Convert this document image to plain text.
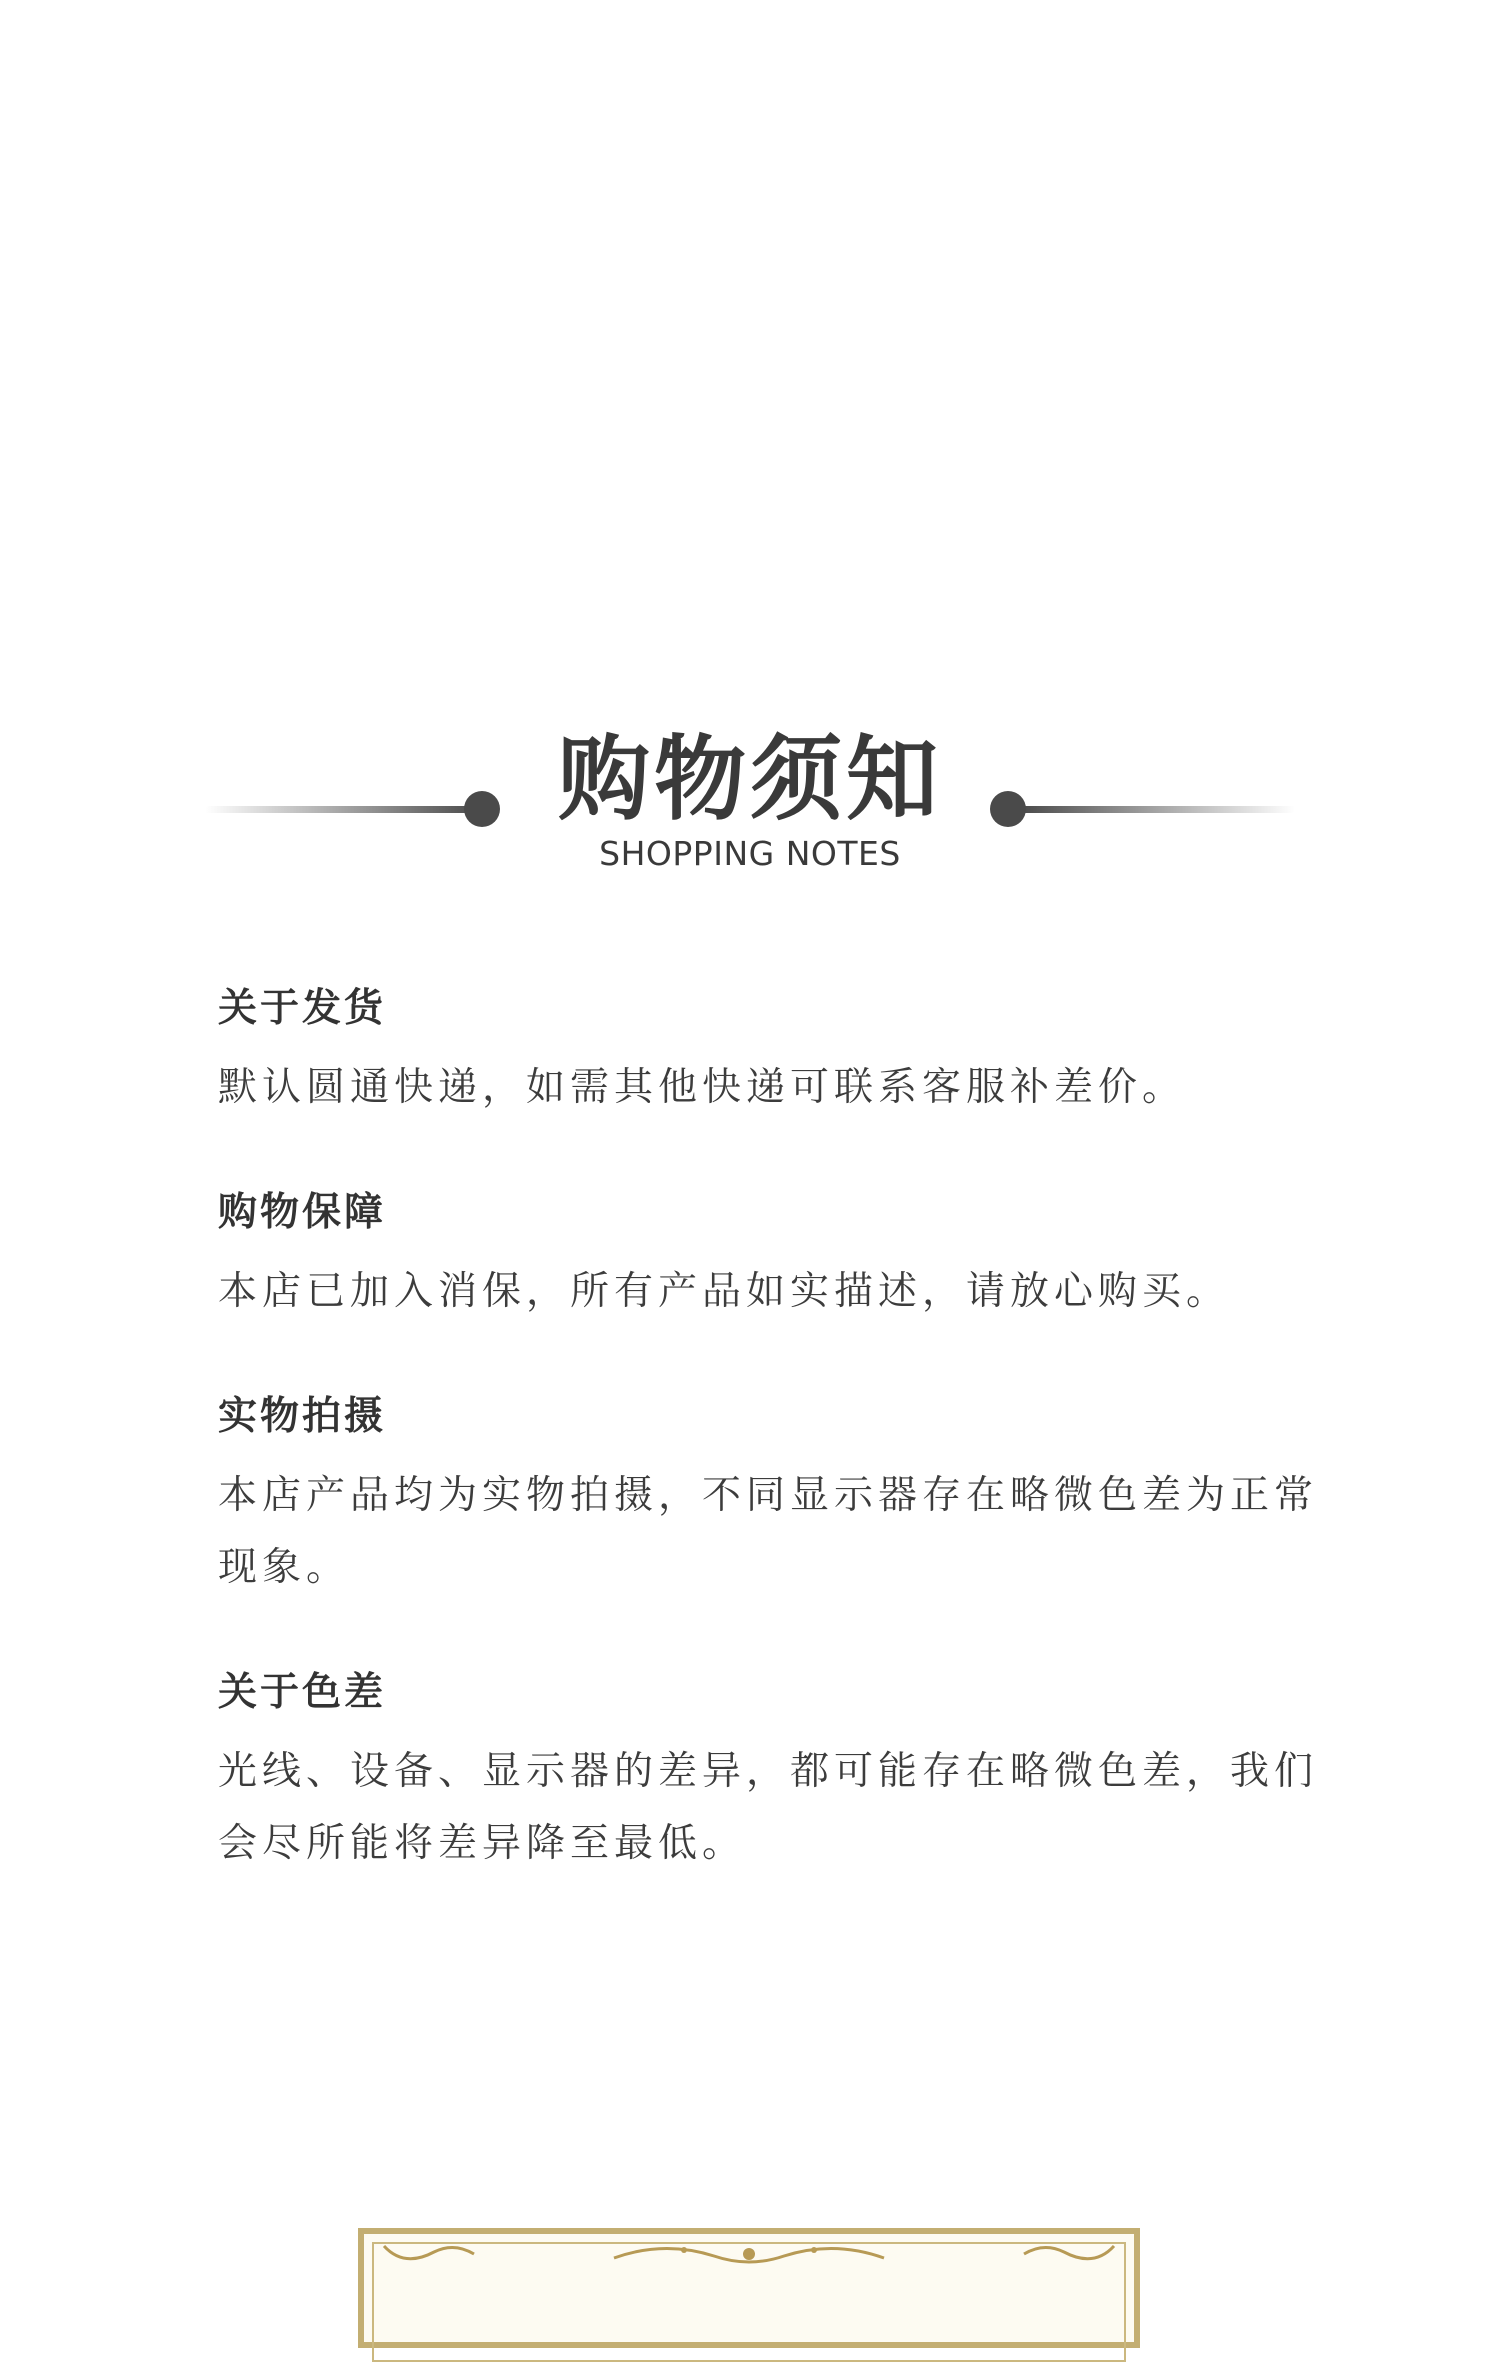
购物须知
SHOPPING NOTES

关于发货

默认圆通快递，如需其他快递可联系客服补差价。

购物保障

本店已加入消保，所有产品如实描述，请放心购买。

实物拍摄

本店产品均为实物拍摄，不同显示器存在略微色差为正常现象。

关于色差

光线、设备、显示器的差异，都可能存在略微色差，我们会尽所能将差异降至最低。
